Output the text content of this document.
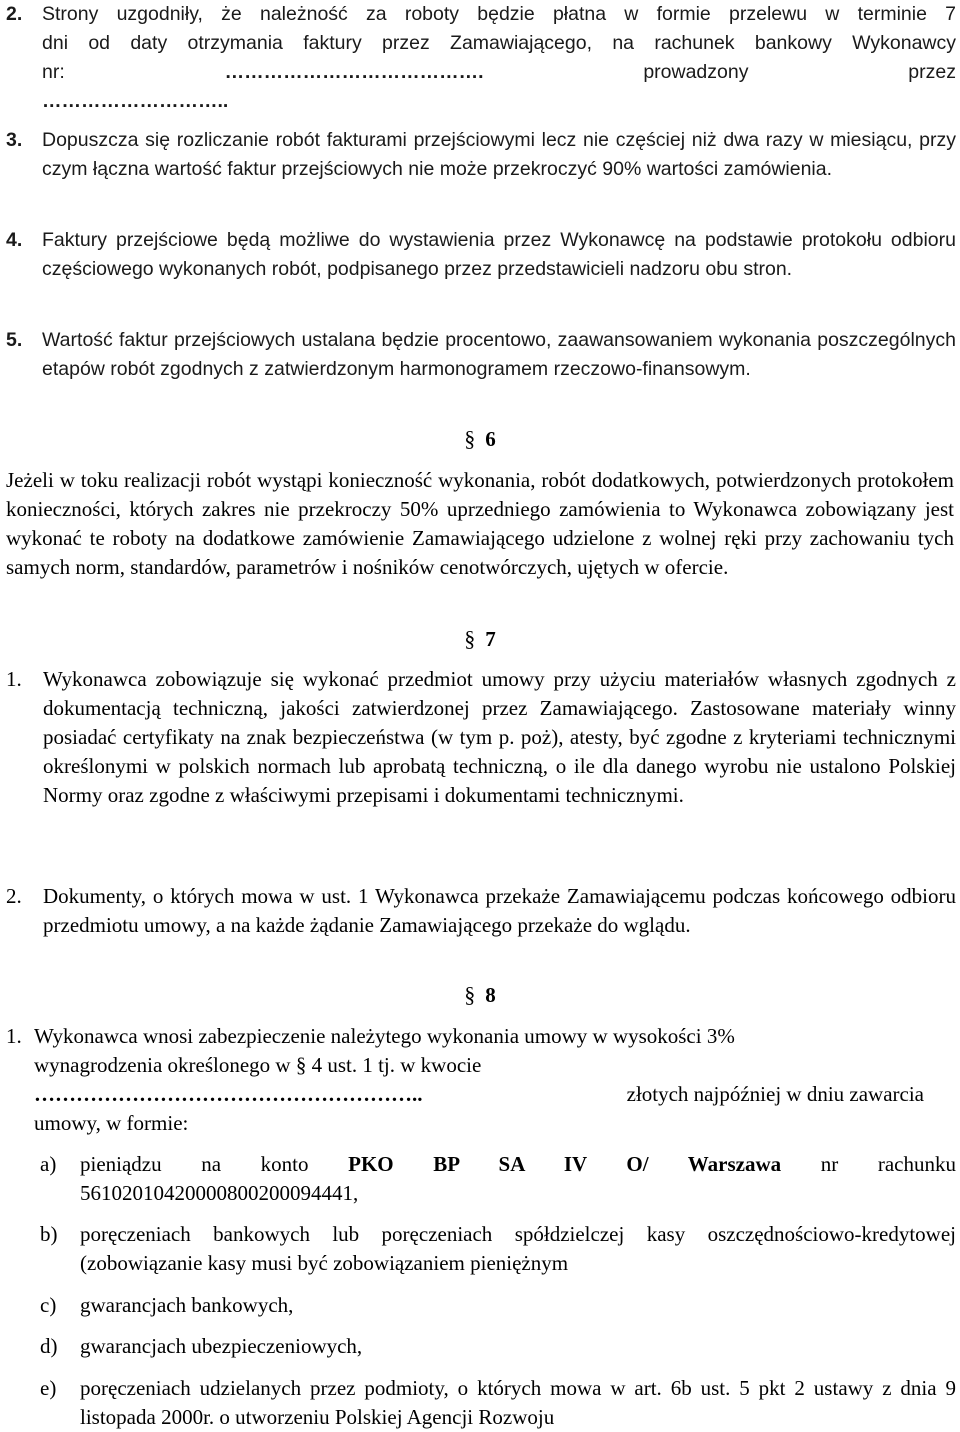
2. Strony uzgodniły, że należność za roboty będzie płatna w formie przelewu w terminie 7
dni od daty otrzymania faktury przez Zamawiającego, na rachunek bankowy Wykonawcy
nr:	………………………………….	prowadzony	przez
………………………..
3. Dopuszcza się rozliczanie robót fakturami przejściowymi lecz nie częściej niż dwa razy w miesiącu, przy czym łączna wartość faktur przejściowych nie może przekroczyć 90% wartości zamówienia.
4. Faktury przejściowe będą możliwe do wystawienia przez Wykonawcę na podstawie protokołu odbioru częściowego wykonanych robót, podpisanego przez przedstawicieli nadzoru obu stron.
5. Wartość faktur przejściowych ustalana będzie procentowo, zaawansowaniem wykonania poszczególnych etapów robót zgodnych z zatwierdzonym harmonogramem rzeczowo-finansowym.
§ 6
Jeżeli w toku realizacji robót wystąpi konieczność wykonania, robót dodatkowych, potwierdzonych protokołem konieczności, których zakres nie przekroczy 50% uprzedniego zamówienia to Wykonawca zobowiązany jest wykonać te roboty na dodatkowe zamówienie Zamawiającego udzielone z wolnej ręki przy zachowaniu tych samych norm, standardów, parametrów i nośników cenotwórczych, ujętych w ofercie.
§ 7
1. Wykonawca zobowiązuje się wykonać przedmiot umowy przy użyciu materiałów własnych zgodnych z dokumentacją techniczną, jakości zatwierdzonej przez Zamawiającego. Zastosowane materiały winny posiadać certyfikaty na znak bezpieczeństwa (w tym p. poż), atesty, być zgodne z kryteriami technicznymi określonymi w polskich normach lub aprobatą techniczną, o ile dla danego wyrobu nie ustalono Polskiej Normy oraz zgodne z właściwymi przepisami i dokumentami technicznymi.
2. Dokumenty, o których mowa w ust. 1 Wykonawca przekaże Zamawiającemu podczas końcowego odbioru przedmiotu umowy, a na każde żądanie Zamawiającego przekaże do wglądu.
§ 8
1. Wykonawca wnosi zabezpieczenie należytego wykonania umowy w wysokości 3%
wynagrodzenia określonego w § 4 ust. 1 tj. w kwocie
………………………………………………..	złotych najpóźniej w dniu zawarcia
umowy, w formie:
a) pieniądzu na konto PKO BP SA IV O/ Warszawa nr rachunku
56102010420000800200094441,
b) poręczeniach bankowych lub poręczeniach spółdzielczej kasy oszczędnościowo-kredytowej (zobowiązanie kasy musi być zobowiązaniem pieniężnym
c) gwarancjach bankowych,
d) gwarancjach ubezpieczeniowych,
e) poręczeniach udzielanych przez podmioty, o których mowa w art. 6b ust. 5 pkt 2 ustawy z dnia 9 listopada 2000r. o utworzeniu Polskiej Agencji Rozwoju
